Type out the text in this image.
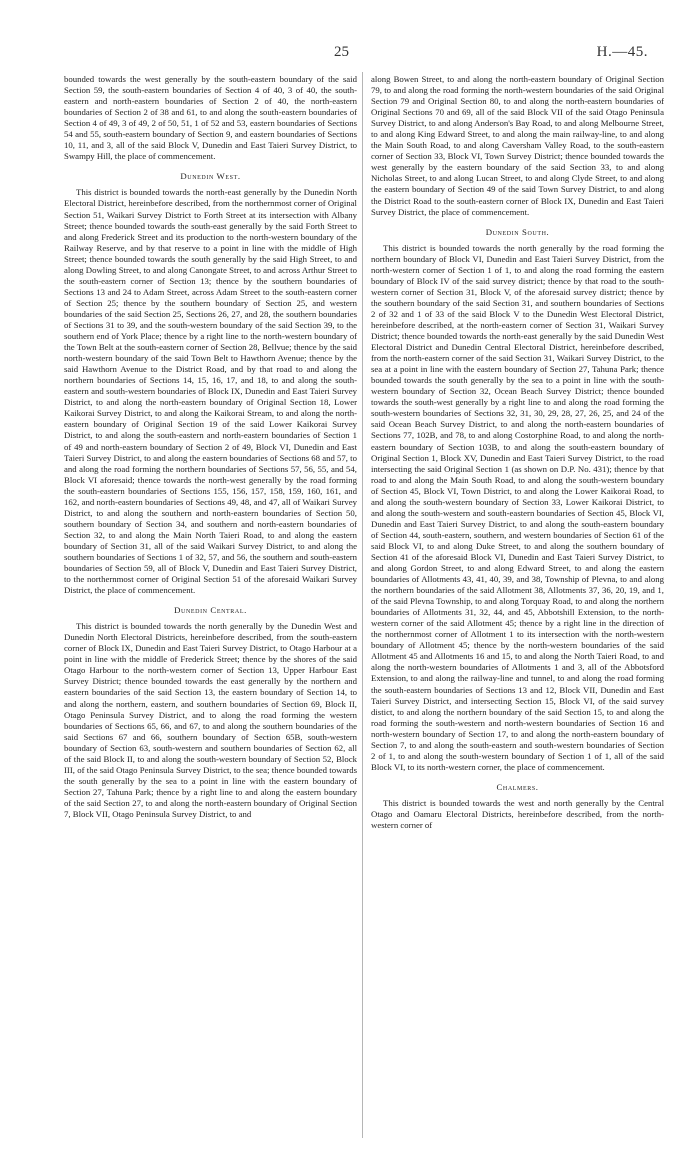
25	H.—45.

bounded towards the west generally by the south-eastern boundary of the said Section 59, the south-eastern boundaries of Section 4 of 40, 3 of 40, the south-eastern and north-eastern boundaries of Section 2 of 40, the north-eastern boundaries of Section 2 of 38 and 61, to and along the south-eastern boundaries of Section 4 of 49, 3 of 49, 2 of 50, 51, 1 of 52 and 53, eastern boundaries of Sections 54 and 55, south-eastern boundary of Section 9, and eastern boundaries of Sections 10, 11, and 3, all of the said Block V, Dunedin and East Taieri Survey District, to Swampy Hill, the place of commencement.

Dunedin West.

This district is bounded towards the north-east generally by the Dunedin North Electoral District, hereinbefore described, from the northernmost corner of Original Section 51, Waikari Survey District to Forth Street at its intersection with Albany Street; thence bounded towards the south-east generally by the said Forth Street to and along Frederick Street and its production to the north-western boundary of the Railway Reserve, and by that reserve to a point in line with the middle of High Street; thence bounded towards the south generally by the said High Street, to and along Dowling Street, to and along Canongate Street, to and across Arthur Street to the south-eastern corner of Section 13; thence by the southern boundaries of Sections 13 and 24 to Adam Street, across Adam Street to the south-eastern corner of Section 25; thence by the southern boundary of Section 25, and western boundaries of the said Section 25, Sections 26, 27, and 28, the southern boundaries of Sections 31 to 39, and the south-western boundary of the said Section 39, to the southern end of York Place; thence by a right line to the north-western boundary of the Town Belt at the south-eastern corner of Section 28, Bellvue; thence by the said north-western boundary of the said Town Belt to Hawthorn Avenue; thence by the said Hawthorn Avenue to the District Road, and by that road to and along the northern boundaries of Sections 14, 15, 16, 17, and 18, to and along the south-eastern and south-western boundaries of Block IX, Dunedin and East Taieri Survey District, to and along the north-eastern boundary of Original Section 18, Lower Kaikorai Survey District, to and along the Kaikorai Stream, to and along the north-eastern boundary of Original Section 19 of the said Lower Kaikorai Survey District, to and along the south-eastern and north-eastern boundaries of Section 1 of 49 and north-eastern boundary of Section 2 of 49, Block VI, Dunedin and East Taieri Survey District, to and along the eastern boundaries of Sections 68 and 57, to and along the road forming the northern boundaries of Sections 57, 56, 55, and 54, Block VI aforesaid; thence towards the north-west generally by the road forming the south-eastern boundaries of Sections 155, 156, 157, 158, 159, 160, 161, and 162, and north-eastern boundaries of Sections 49, 48, and 47, all of Waikari Survey District, to and along the southern and north-eastern boundaries of Section 50, southern boundary of Section 34, and southern and north-eastern boundaries of Section 32, to and along the Main North Taieri Road, to and along the eastern boundary of Section 31, all of the said Waikari Survey District, to and along the southern boundaries of Sections 1 of 32, 57, and 56, the southern and south-eastern boundaries of Section 59, all of Block V, Dunedin and East Taieri Survey District, to the northernmost corner of Original Section 51 of the aforesaid Waikari Survey District, the place of commencement.

Dunedin Central.

This district is bounded towards the north generally by the Dunedin West and Dunedin North Electoral Districts, hereinbefore described, from the south-eastern corner of Block IX, Dunedin and East Taieri Survey District, to Otago Harbour at a point in line with the middle of Frederick Street; thence by the shores of the said Otago Harbour to the north-western corner of Section 13, Upper Harbour East Survey District; thence bounded towards the east generally by the northern and eastern boundaries of the said Section 13, the eastern boundary of Section 14, to and along the northern, eastern, and southern boundaries of Section 69, Block II, Otago Peninsula Survey District, and to along the road forming the western boundaries of Sections 65, 66, and 67, to and along the southern boundaries of the said Sections 67 and 66, southern boundary of Section 65B, south-western boundary of Section 63, south-western and southern boundaries of Section 62, all of the said Block II, to and along the south-western boundary of Section 52, Block III, of the said Otago Peninsula Survey District, to the sea; thence bounded towards the south generally by the sea to a point in line with the eastern boundary of Section 27, Tahuna Park; thence by a right line to and along the eastern boundary of the said Section 27, to and along the north-eastern boundary of Original Section 7, Block VII, Otago Peninsula Survey District, to and

along Bowen Street, to and along the north-eastern boundary of Original Section 79, to and along the road forming the north-western boundaries of the said Original Section 79 and Original Section 80, to and along the north-eastern boundaries of Original Sections 70 and 69, all of the said Block VII of the said Otago Peninsula Survey District, to and along Anderson's Bay Road, to and along Melbourne Street, to and along King Edward Street, to and along the main railway-line, to and along the Main South Road, to and along Caversham Valley Road, to the south-eastern corner of Section 33, Block VI, Town Survey District; thence bounded towards the west generally by the eastern boundary of the said Section 33, to and along Nicholas Street, to and along Lucan Street, to and along Clyde Street, to and along the eastern boundary of Section 49 of the said Town Survey District, to and along the District Road to the south-eastern corner of Block IX, Dunedin and East Taieri Survey District, the place of commencement.

Dunedin South.

This district is bounded towards the north generally by the road forming the northern boundary of Block VI, Dunedin and East Taieri Survey District, from the north-western corner of Section 1 of 1, to and along the road forming the eastern boundary of Block IV of the said survey district; thence by that road to the south-western corner of Section 31, Block V, of the aforesaid survey district; thence by the southern boundary of the said Section 31, and southern boundaries of Sections 2 of 32 and 1 of 33 of the said Block V to the Dunedin West Electoral District, hereinbefore described, at the north-eastern corner of Section 31, Waikari Survey District; thence bounded towards the north-east generally by the said Dunedin West Electoral District and Dunedin Central Electoral District, hereinbefore described, from the north-eastern corner of the said Section 31, Waikari Survey District, to the sea at a point in line with the eastern boundary of Section 27, Tahuna Park; thence bounded towards the south generally by the sea to a point in line with the south-western boundary of Section 32, Ocean Beach Survey District; thence bounded towards the south-west generally by a right line to and along the road forming the south-western boundaries of Sections 32, 31, 30, 29, 28, 27, 26, 25, and 24 of the said Ocean Beach Survey District, to and along the north-eastern boundaries of Sections 77, 102B, and 78, to and along Costorphine Road, to and along the north-eastern boundary of Section 103B, to and along the south-eastern boundary of Original Section 1, Block XV, Dunedin and East Taieri Survey District, to the road intersecting the said Original Section 1 (as shown on D.P. No. 431); thence by that road to and along the Main South Road, to and along the south-western boundary of Section 45, Block VI, Town District, to and along the Lower Kaikorai Road, to and along the south-western boundary of Section 33, Lower Kaikorai District, to and along the south-western and south-eastern boundaries of Section 45, Block VI, Dunedin and East Taieri Survey District, to and along the south-eastern boundary of Section 44, south-eastern, southern, and western boundaries of Section 61 of the said Block VI, to and along Duke Street, to and along the southern boundary of Section 41 of the aforesaid Block VI, Dunedin and East Taieri Survey District, to and along Gordon Street, to and along Edward Street, to and along the eastern boundaries of Allotments 43, 41, 40, 39, and 38, Township of Plevna, to and along the northern boundaries of the said Allotment 38, Allotments 37, 36, 20, 19, and 1, of the said Plevna Township, to and along Torquay Road, to and along the northern boundaries of Allotments 31, 32, 44, and 45, Abbotshill Extension, to the north-western corner of the said Allotment 45; thence by a right line in the direction of the northernmost corner of Allotment 1 to its intersection with the north-western boundary of Allotment 45; thence by the north-western boundaries of the said Allotment 45 and Allotments 16 and 15, to and along the North Taieri Road, to and along the north-western boundaries of Allotments 1 and 3, all of the Abbotsford Extension, to and along the railway-line and tunnel, to and along the road forming the south-eastern boundaries of Sections 13 and 12, Block VII, Dunedin and East Taieri Survey District, and intersecting Section 15, Block VI, of the said survey distict, to and along the northern boundary of the said Section 15, to and along the road forming the south-western and north-western boundaries of Section 16 and north-western boundary of Section 17, to and along the north-eastern boundary of Section 7, to and along the south-eastern and south-western boundaries of Section 2 of 1, to and along the south-western boundary of Section 1 of 1, all of the said Block VI, to its north-western corner, the place of commencement.

Chalmers.

This district is bounded towards the west and north generally by the Central Otago and Oamaru Electoral Districts, hereinbefore described, from the north-western corner of
